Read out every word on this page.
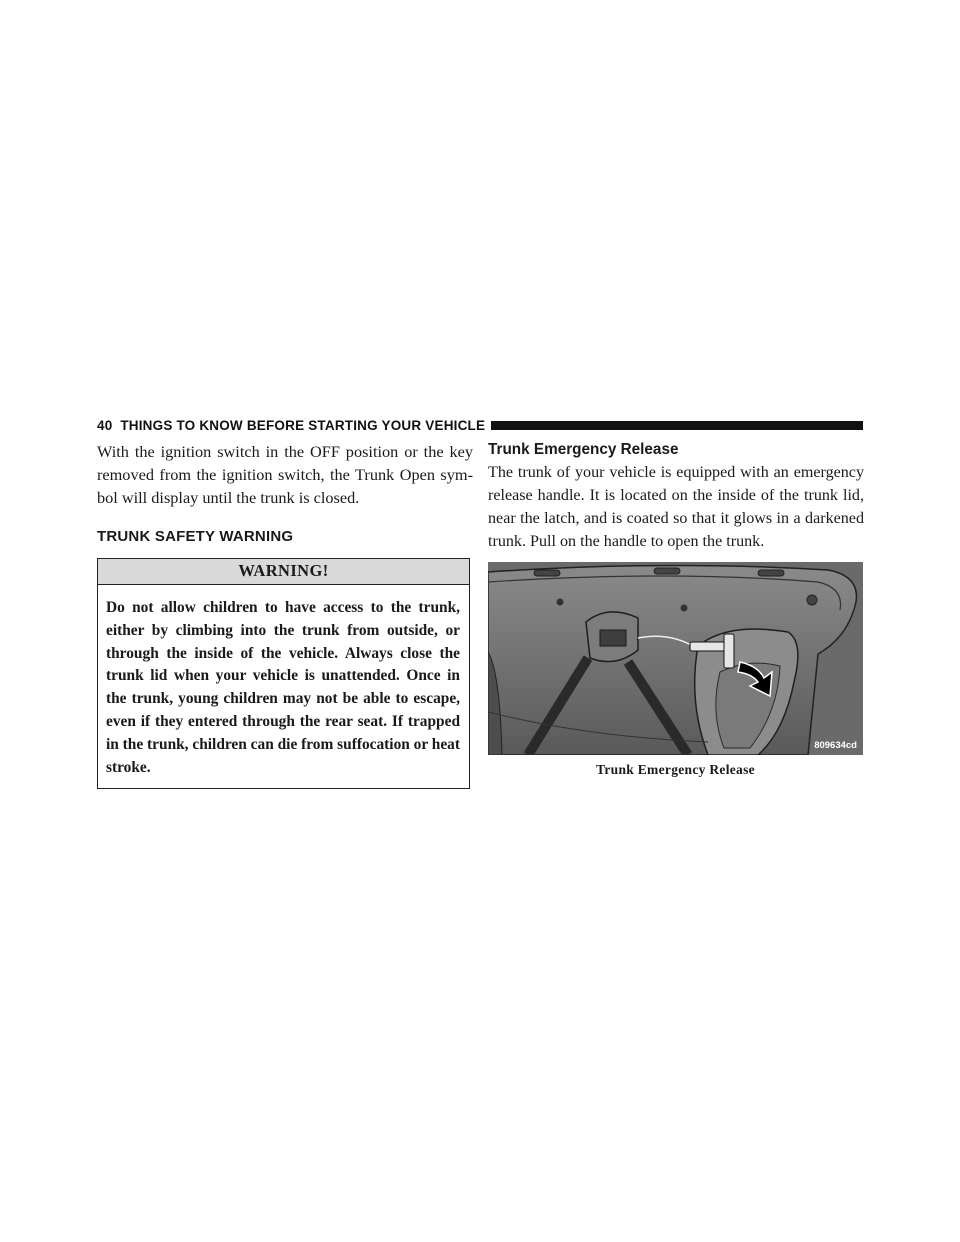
40 THINGS TO KNOW BEFORE STARTING YOUR VEHICLE

With the ignition switch in the OFF position or the key removed from the ignition switch, the Trunk Open sym- bol will display until the trunk is closed.

TRUNK SAFETY WARNING
WARNING!
Do not allow children to have access to the trunk, either by climbing into the trunk from outside, or through the inside of the vehicle. Always close the trunk lid when your vehicle is unattended. Once in the trunk, young children may not be able to escape, even if they entered through the rear seat. If trapped in the trunk, children can die from suffocation or heat stroke.
Trunk Emergency Release

The trunk of your vehicle is equipped with an emergency release handle. It is located on the inside of the trunk lid, near the latch, and is coated so that it glows in a darkened trunk. Pull on the handle to open the trunk.

809634cd
Trunk Emergency Release
